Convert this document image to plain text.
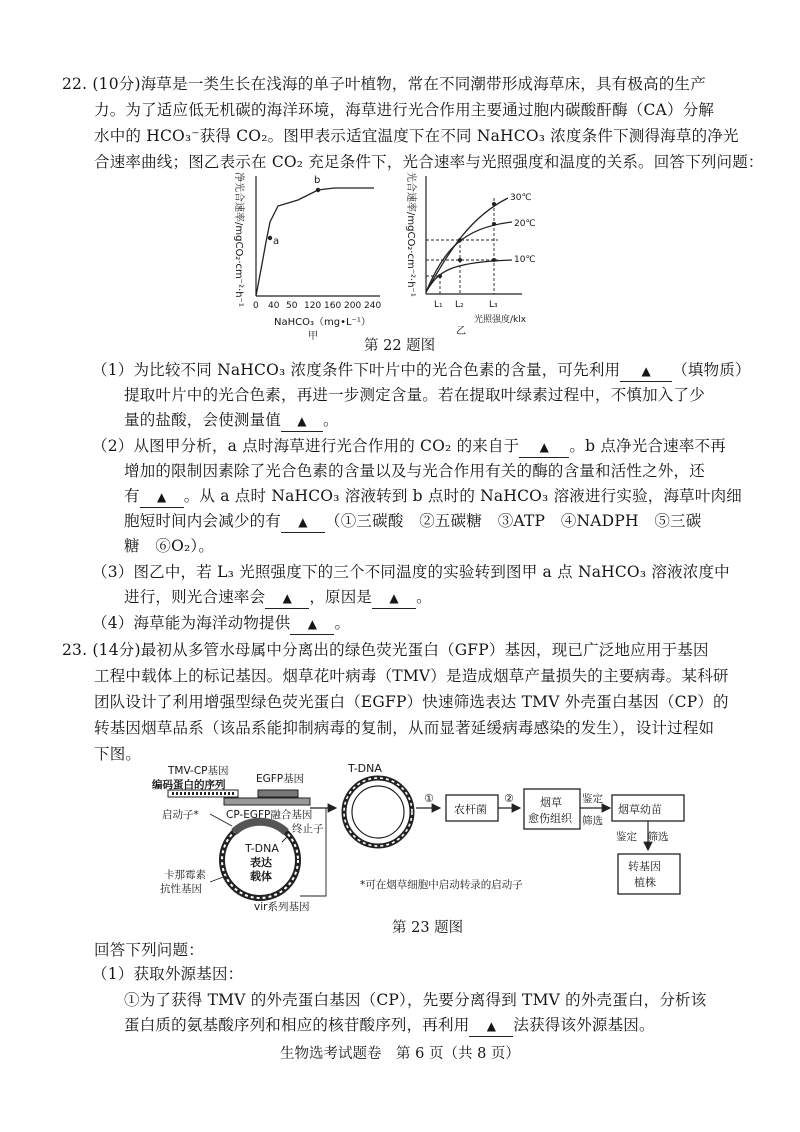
22. (10分)海草是一类生长在浅海的单子叶植物，常在不同潮带形成海草床，具有极高的生产
力。为了适应低无机碳的海洋环境，海草进行光合作用主要通过胞内碳酸酐酶（CA）分解
水中的 HCO₃⁻获得 CO₂。图甲表示适宜温度下在不同 NaHCO₃ 浓度条件下测得海草的净光
合速率曲线；图乙表示在 CO₂ 充足条件下，光合速率与光照强度和温度的关系。回答下列问题：
净光合速率/mgCO₂·cm⁻²·h⁻¹	a
b
0 40 50 120 160 200 240
NaHCO₃（mg•L⁻¹）
甲
光合速率/mgCO₂·cm⁻²·h⁻¹	30℃
20℃
10℃
L₁ L₂	L₃
光照强度/klx
乙
第 22 题图
（1）为比较不同 NaHCO₃ 浓度条件下叶片中的光合色素的含量，可先利用 ▲ （填物质）
提取叶片中的光合色素，再进一步测定含量。若在提取叶绿素过程中，不慎加入了少
量的盐酸，会使测量值 ▲ 。
（2）从图甲分析，a 点时海草进行光合作用的 CO₂ 的来自于 ▲ 。b 点净光合速率不再
增加的限制因素除了光合色素的含量以及与光合作用有关的酶的含量和活性之外，还
有 ▲ 。从 a 点时 NaHCO₃ 溶液转到 b 点时的 NaHCO₃ 溶液进行实验，海草叶肉细
胞短时间内会减少的有 ▲ （①三碳酸　②五碳糖　③ATP　④NADPH　⑤三碳
糖　⑥O₂）。
（3）图乙中，若 L₃ 光照强度下的三个不同温度的实验转到图甲 a 点 NaHCO₃ 溶液浓度中
进行，则光合速率会 ▲ ，原因是 ▲ 。
（4）海草能为海洋动物提供 ▲ 。
23. (14分)最初从多管水母属中分离出的绿色荧光蛋白（GFP）基因，现已广泛地应用于基因
工程中载体上的标记基因。烟草花叶病毒（TMV）是造成烟草产量损失的主要病毒。某科研
团队设计了利用增强型绿色荧光蛋白（EGFP）快速筛选表达 TMV 外壳蛋白基因（CP）的
转基因烟草品系（该品系能抑制病毒的复制，从而显著延缓病毒感染的发生），设计过程如
下图。
TMV-CP基因
编码蛋白的序列	EGFP基因
CP-EGFP融合基因
启动子*
T-DNA
表达
载体
终止子
卡那霉素
抗性基因
vir系列基因
T-DNA
①
农杆菌
② 烟草
愈伤组织
鉴定
筛选
烟草幼苗
鉴定　筛选
转基因
植株
*可在烟草细胞中启动转录的启动子
第 23 题图
回答下列问题：
（1）获取外源基因：
①为了获得 TMV 的外壳蛋白基因（CP），先要分离得到 TMV 的外壳蛋白，分析该
蛋白质的氨基酸序列和相应的核苷酸序列，再利用 ▲ 法获得该外源基因。
生物选考试题卷　第 6 页（共 8 页）
